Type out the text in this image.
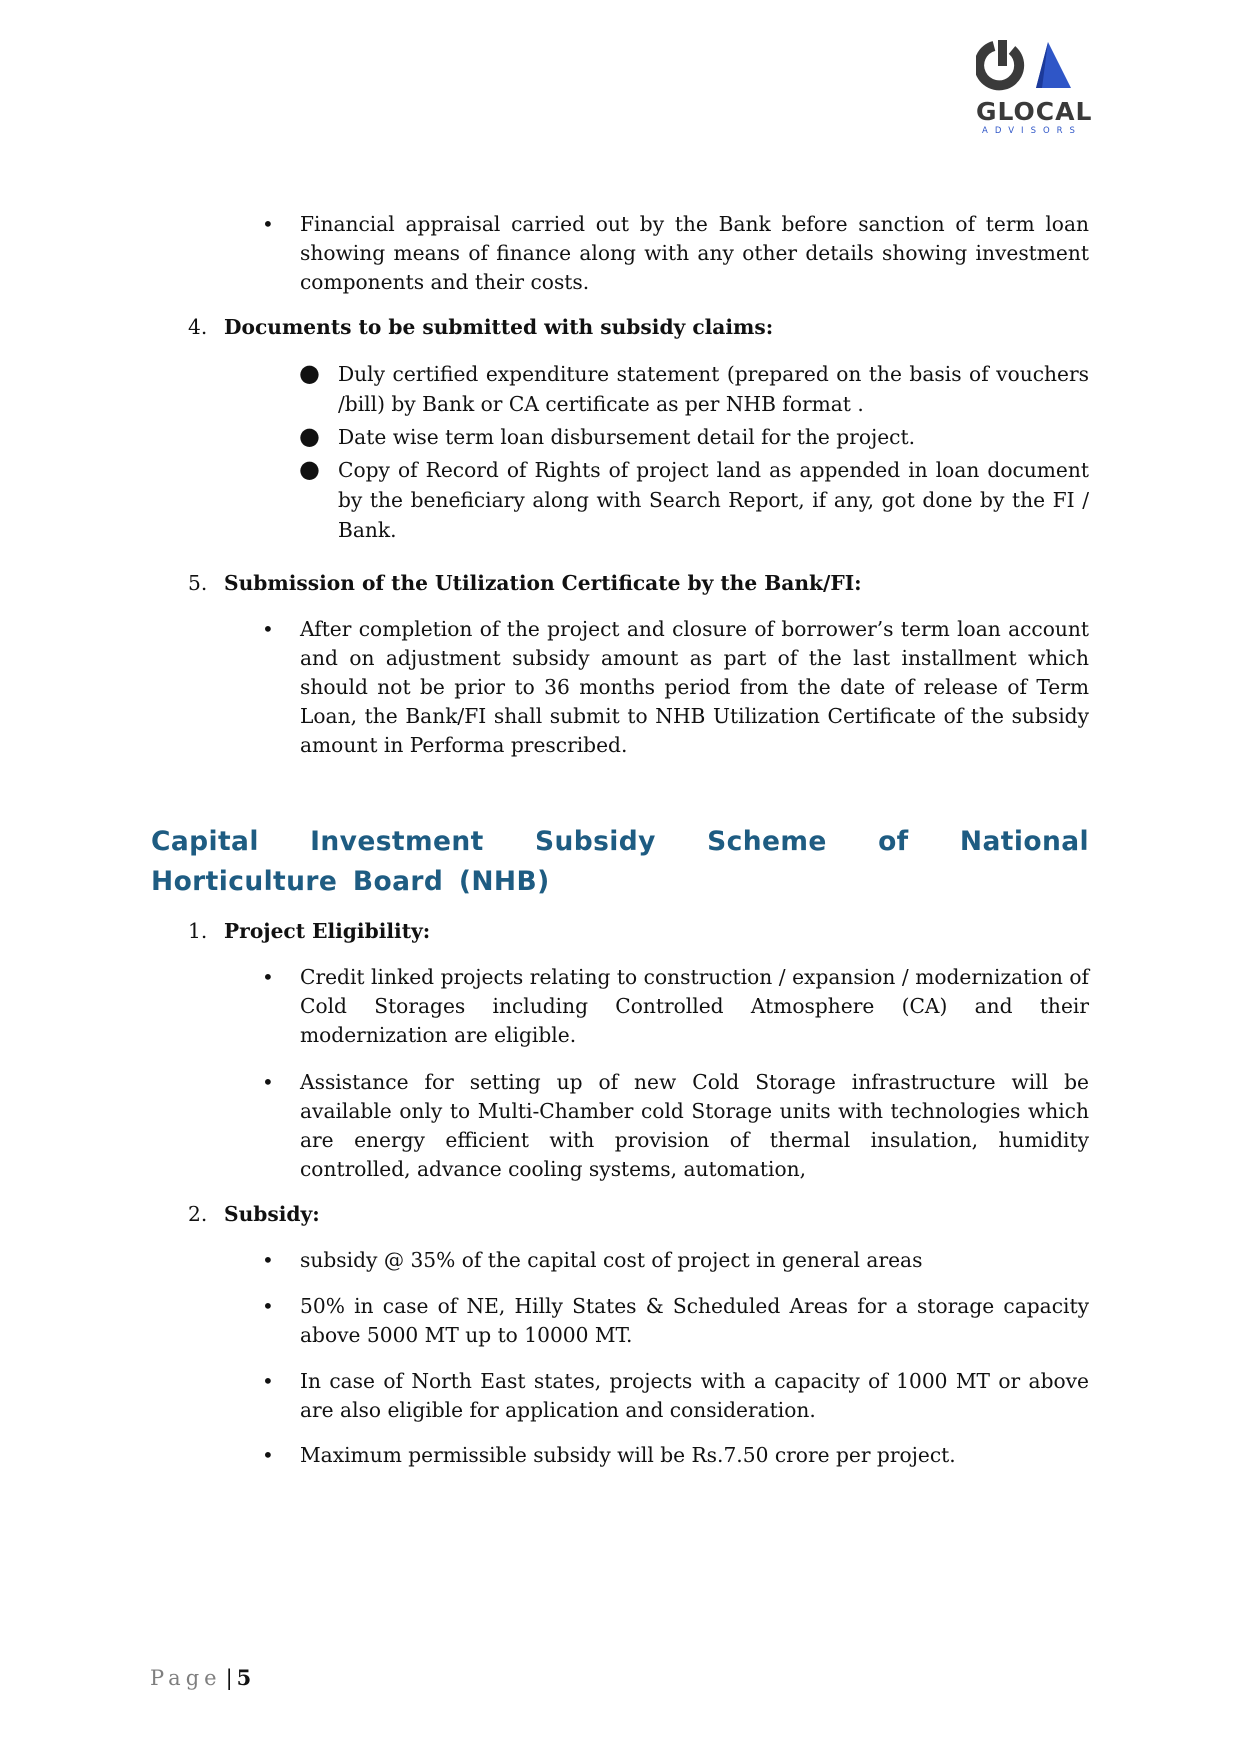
GLOCAL
ADVISORS
• Financial appraisal carried out by the Bank before sanction of term loan showing means of finance along with any other details showing investment components and their costs.
4. Documents to be submitted with subsidy claims:
● Duly certified expenditure statement (prepared on the basis of vouchers /bill) by Bank or CA certificate as per NHB format .
● Date wise term loan disbursement detail for the project.
● Copy of Record of Rights of project land as appended in loan document by the beneficiary along with Search Report, if any, got done by the FI / Bank.
5. Submission of the Utilization Certificate by the Bank/FI:
• After completion of the project and closure of borrower’s term loan account and on adjustment subsidy amount as part of the last installment which should not be prior to 36 months period from the date of release of Term Loan, the Bank/FI shall submit to NHB Utilization Certificate of the subsidy amount in Performa prescribed.
Capital Investment Subsidy Scheme of National Horticulture Board (NHB)
1. Project Eligibility:
• Credit linked projects relating to construction / expansion / modernization of Cold Storages including Controlled Atmosphere (CA) and their modernization are eligible.
• Assistance for setting up of new Cold Storage infrastructure will be available only to Multi-Chamber cold Storage units with technologies which are energy efficient with provision of thermal insulation, humidity controlled, advance cooling systems, automation,
2. Subsidy:
• subsidy @ 35% of the capital cost of project in general areas
• 50% in case of NE, Hilly States & Scheduled Areas for a storage capacity above 5000 MT up to 10000 MT.
• In case of North East states, projects with a capacity of 1000 MT or above are also eligible for application and consideration.
• Maximum permissible subsidy will be Rs.7.50 crore per project.
Page | 5
